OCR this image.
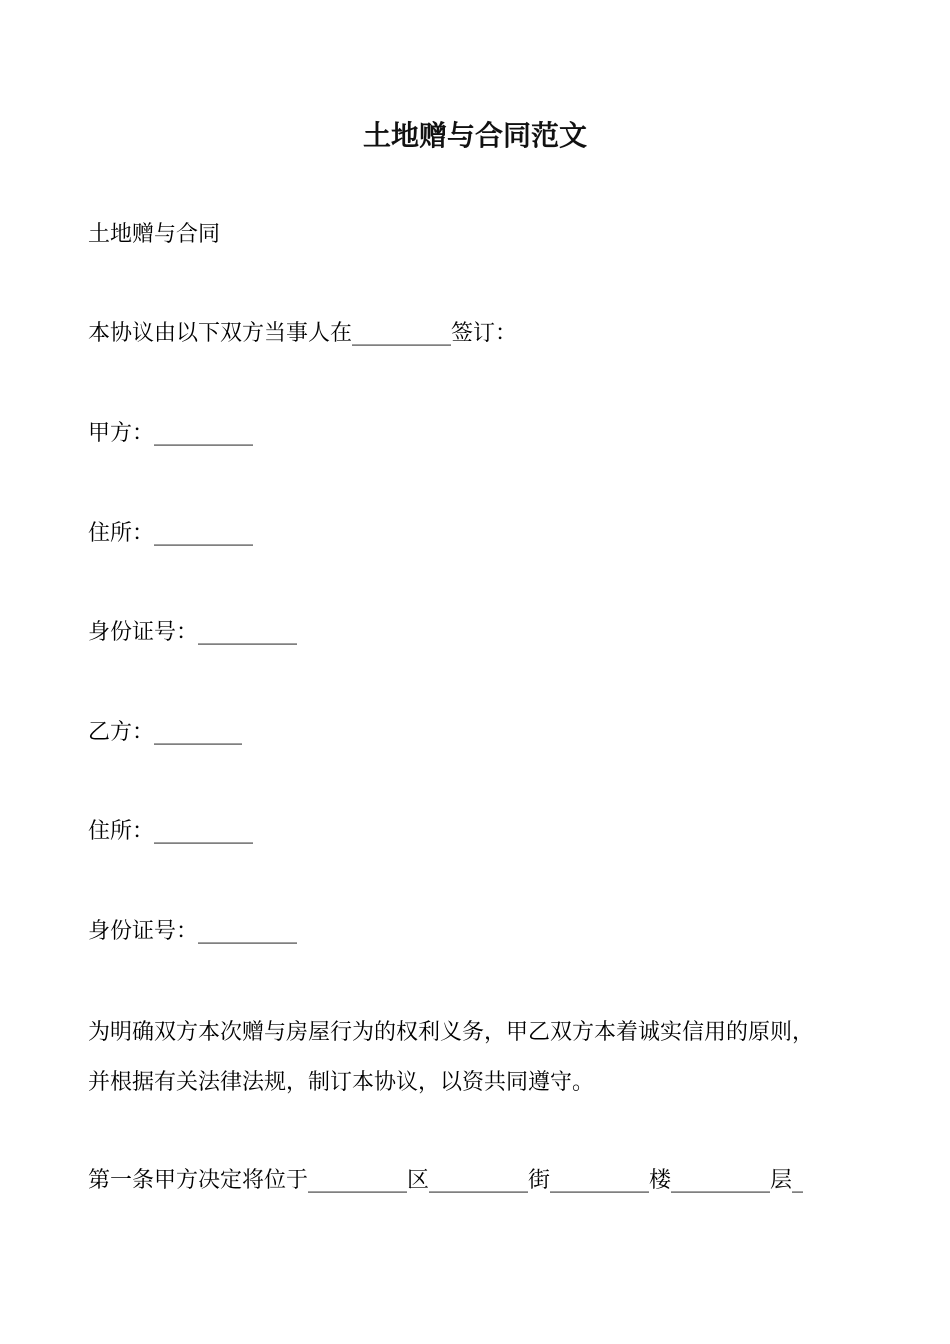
土地赠与合同范文
土地赠与合同
本协议由以下双方当事人在_________签订：
甲方：_________
住所：_________
身份证号：_________
乙方：________
住所：_________
身份证号：_________
为明确双方本次赠与房屋行为的权利义务，甲乙双方本着诚实信用的原则，
并根据有关法律法规，制订本协议，以资共同遵守。
第一条甲方决定将位于_________区_________街_________楼_________层_
